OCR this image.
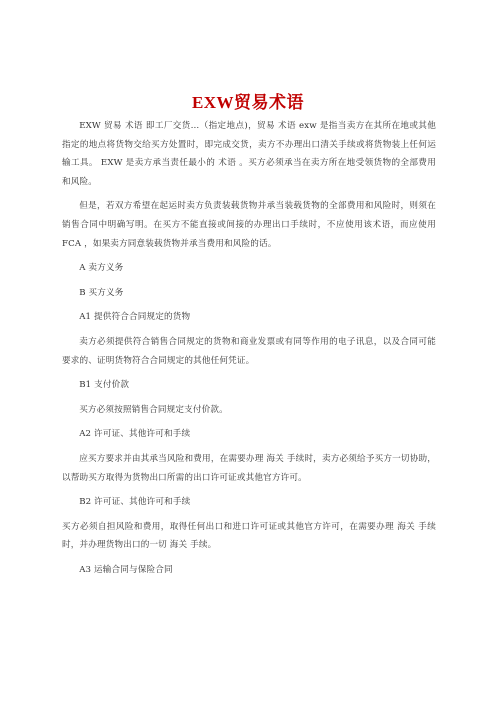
EXW贸易术语

EXW 贸易 术语 即工厂交货…（指定地点)，贸易 术语 exw 是指当卖方在其所在地或其他指定的地点将货物交给买方处置时，即完成交货，卖方不办理出口清关手续或将货物装上任何运输工具。 EXW 是卖方承当责任最小的 术语 。买方必须承当在卖方所在地受领货物的全部费用和风险。

但是，若双方希望在起运时卖方负责装载货物并承当装载货物的全部费用和风险时，则须在销售合同中明确写明。在买方不能直接或间接的办理出口手续时，不应使用该术语，而应使用 FCA ，如果卖方同意装载货物并承当费用和风险的话。

A 卖方义务

B 买方义务

A1 提供符合合同规定的货物

卖方必须提供符合销售合同规定的货物和商业发票或有同等作用的电子讯息，以及合同可能要求的、证明货物符合合同规定的其他任何凭证。

B1 支付价款

买方必须按照销售合同规定支付价款。

A2 许可证、其他许可和手续

应买方要求并由其承当风险和费用，在需要办理 海关 手续时，卖方必须给予买方一切协助，以帮助买方取得为货物出口所需的出口许可证或其他官方许可。

B2 许可证、其他许可和手续

买方必须自担风险和费用，取得任何出口和进口许可证或其他官方许可，在需要办理 海关 手续时，并办理货物出口的一切 海关 手续。

A3 运输合同与保险合同
